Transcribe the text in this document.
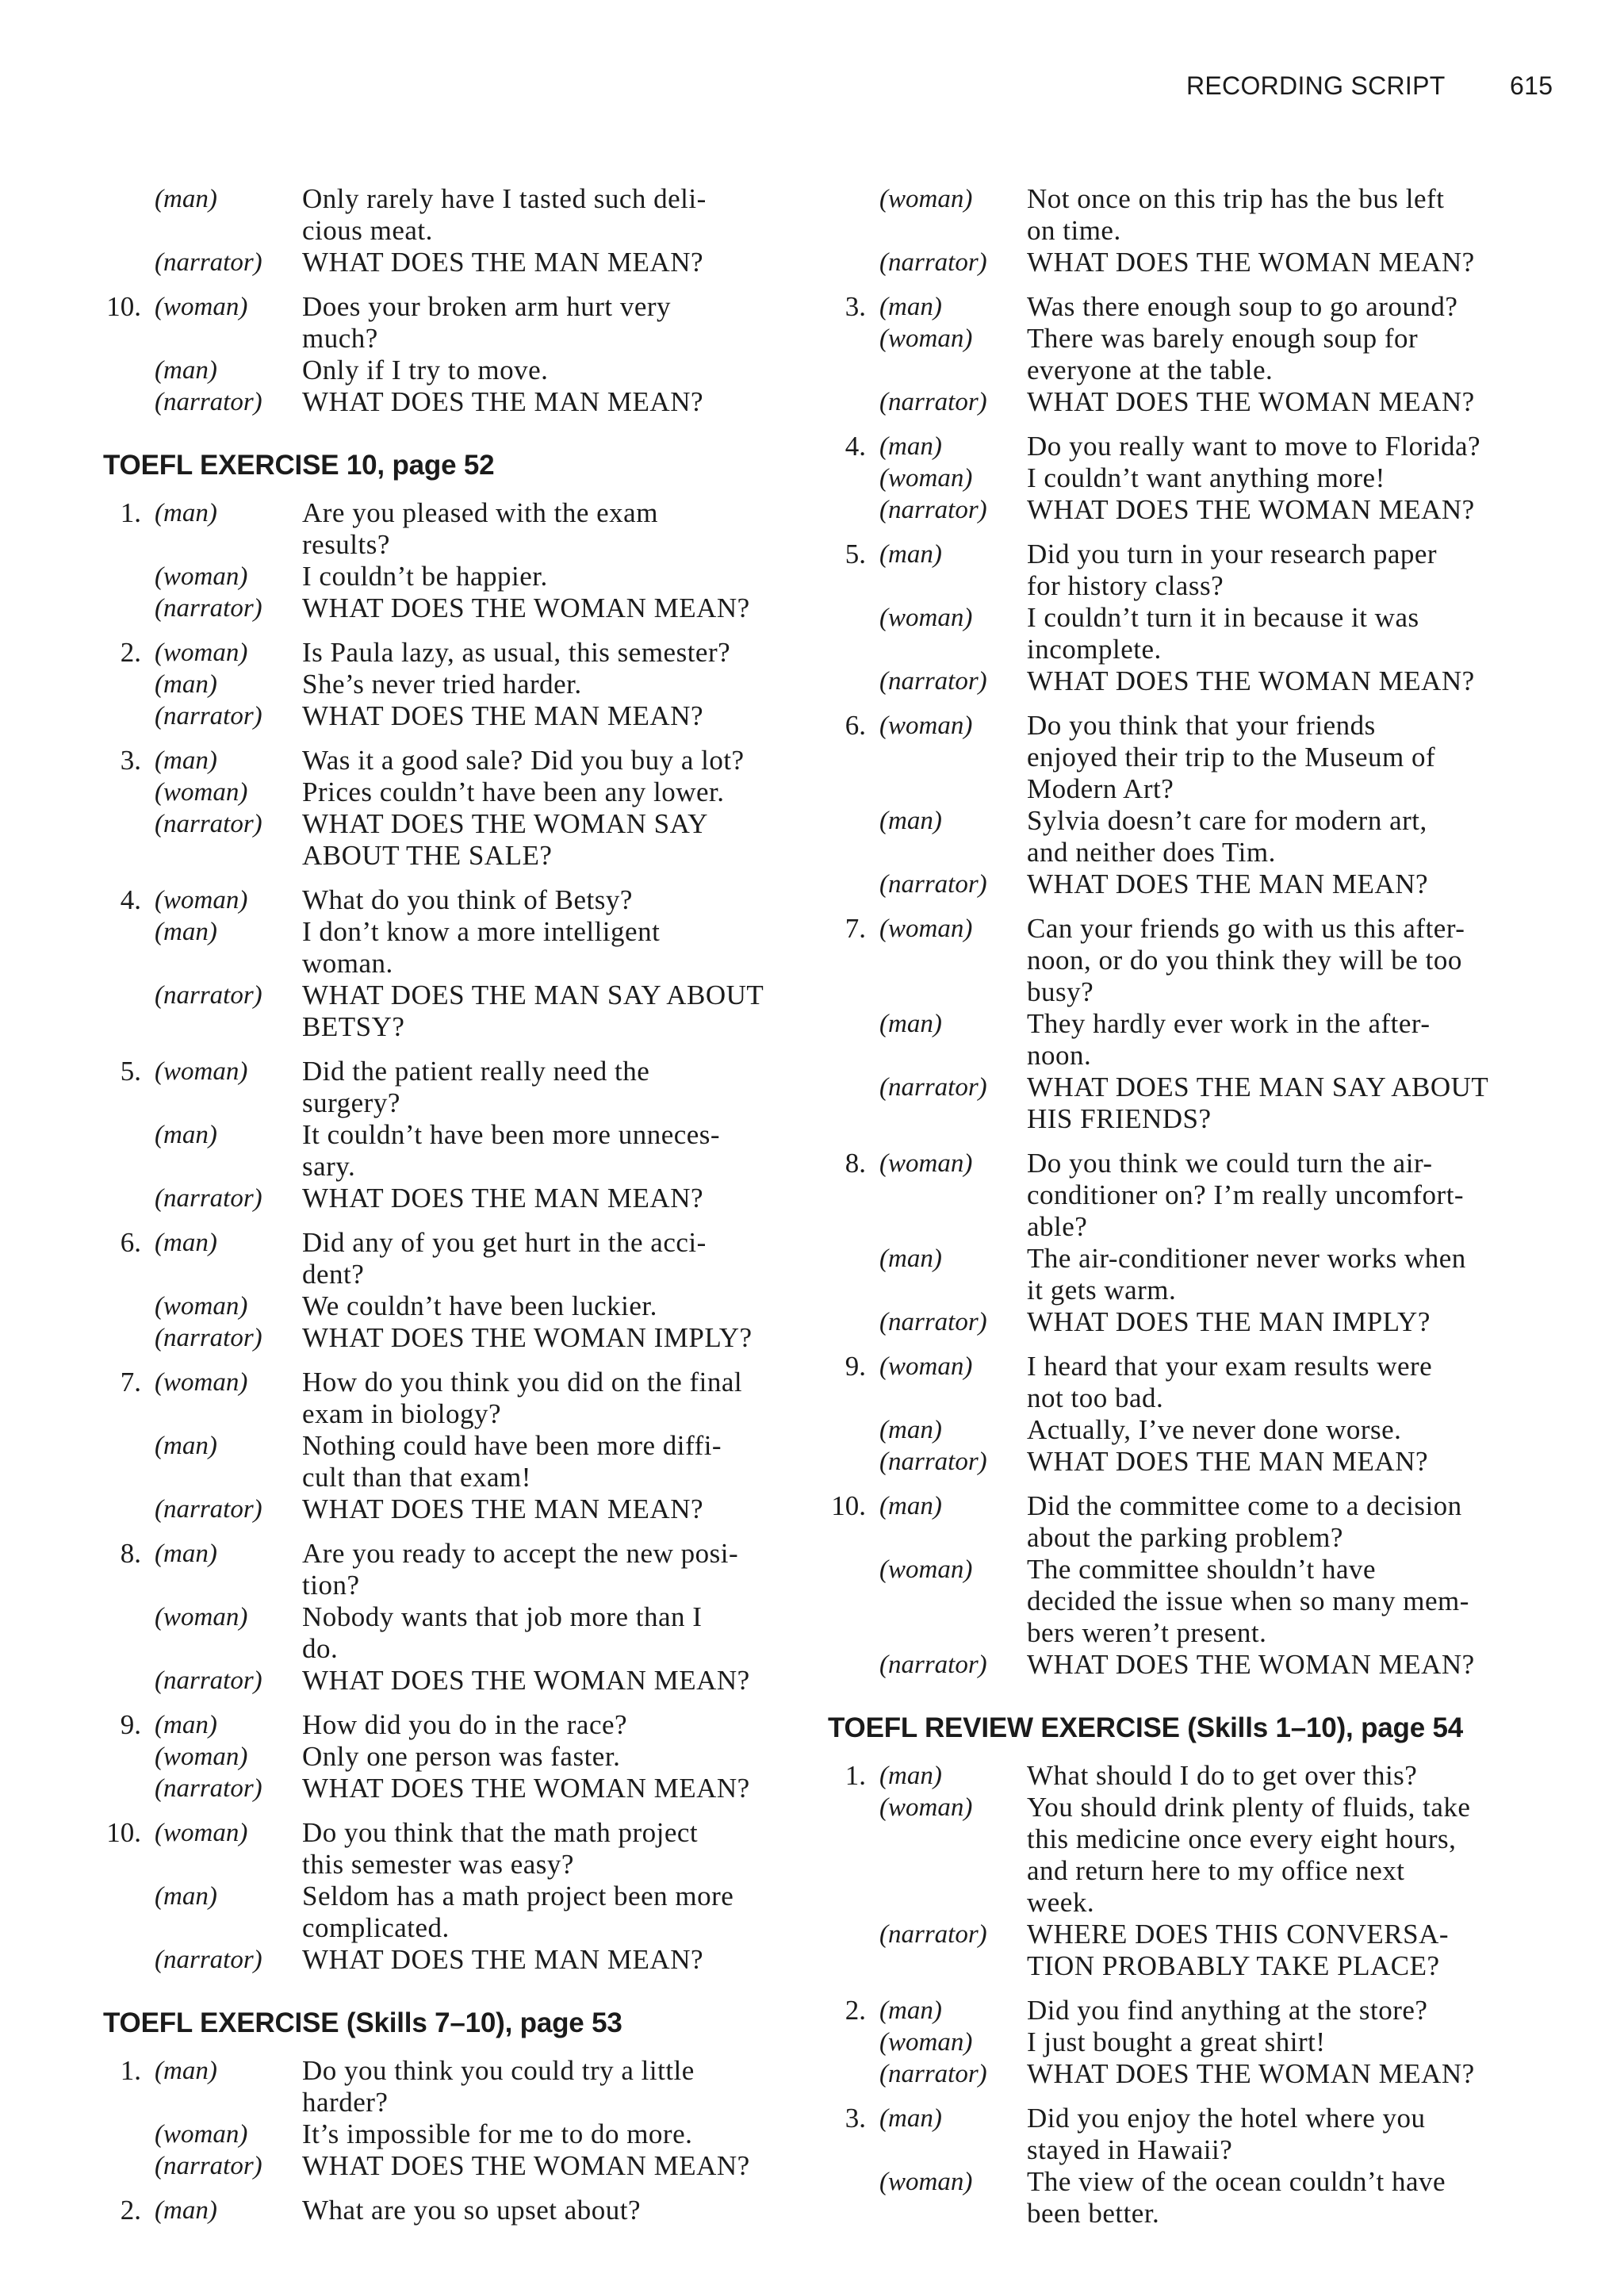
RECORDING SCRIPT	615
(man)	Only rarely have I tasted such deli-
cious meat.
(narrator)	WHAT DOES THE MAN MEAN?
10. (woman)	Does your broken arm hurt very
much?
(man)	Only if I try to move.
(narrator)	WHAT DOES THE MAN MEAN?
TOEFL EXERCISE 10, page 52
1. (man)	Are you pleased with the exam
results?
(woman)	I couldn’t be happier.
(narrator)	WHAT DOES THE WOMAN MEAN?
2. (woman)	Is Paula lazy, as usual, this semester?
(man)	She’s never tried harder.
(narrator)	WHAT DOES THE MAN MEAN?
3. (man)	Was it a good sale? Did you buy a lot?
(woman)	Prices couldn’t have been any lower.
(narrator)	WHAT DOES THE WOMAN SAY
ABOUT THE SALE?
4. (woman)	What do you think of Betsy?
(man)	I don’t know a more intelligent
woman.
(narrator)	WHAT DOES THE MAN SAY ABOUT
BETSY?
5. (woman)	Did the patient really need the
surgery?
(man)	It couldn’t have been more unneces-
sary.
(narrator)	WHAT DOES THE MAN MEAN?
6. (man)	Did any of you get hurt in the acci-
dent?
(woman)	We couldn’t have been luckier.
(narrator)	WHAT DOES THE WOMAN IMPLY?
7. (woman)	How do you think you did on the final
exam in biology?
(man)	Nothing could have been more diffi-
cult than that exam!
(narrator)	WHAT DOES THE MAN MEAN?
8. (man)	Are you ready to accept the new posi-
tion?
(woman)	Nobody wants that job more than I
do.
(narrator)	WHAT DOES THE WOMAN MEAN?
9. (man)	How did you do in the race?
(woman)	Only one person was faster.
(narrator)	WHAT DOES THE WOMAN MEAN?
10. (woman)	Do you think that the math project
this semester was easy?
(man)	Seldom has a math project been more
complicated.
(narrator)	WHAT DOES THE MAN MEAN?
TOEFL EXERCISE (Skills 7–10), page 53
1. (man)	Do you think you could try a little
harder?
(woman)	It’s impossible for me to do more.
(narrator)	WHAT DOES THE WOMAN MEAN?
2. (man)	What are you so upset about?
(woman)	Not once on this trip has the bus left
on time.
(narrator)	WHAT DOES THE WOMAN MEAN?
3. (man)	Was there enough soup to go around?
(woman)	There was barely enough soup for
everyone at the table.
(narrator)	WHAT DOES THE WOMAN MEAN?
4. (man)	Do you really want to move to Florida?
(woman)	I couldn’t want anything more!
(narrator)	WHAT DOES THE WOMAN MEAN?
5. (man)	Did you turn in your research paper
for history class?
(woman)	I couldn’t turn it in because it was
incomplete.
(narrator)	WHAT DOES THE WOMAN MEAN?
6. (woman)	Do you think that your friends
enjoyed their trip to the Museum of
Modern Art?
(man)	Sylvia doesn’t care for modern art,
and neither does Tim.
(narrator)	WHAT DOES THE MAN MEAN?
7. (woman)	Can your friends go with us this after-
noon, or do you think they will be too
busy?
(man)	They hardly ever work in the after-
noon.
(narrator)	WHAT DOES THE MAN SAY ABOUT
HIS FRIENDS?
8. (woman)	Do you think we could turn the air-
conditioner on? I’m really uncomfort-
able?
(man)	The air-conditioner never works when
it gets warm.
(narrator)	WHAT DOES THE MAN IMPLY?
9. (woman)	I heard that your exam results were
not too bad.
(man)	Actually, I’ve never done worse.
(narrator)	WHAT DOES THE MAN MEAN?
10. (man)	Did the committee come to a decision
about the parking problem?
(woman)	The committee shouldn’t have
decided the issue when so many mem-
bers weren’t present.
(narrator)	WHAT DOES THE WOMAN MEAN?
TOEFL REVIEW EXERCISE (Skills 1–10), page 54
1. (man)	What should I do to get over this?
(woman)	You should drink plenty of fluids, take
this medicine once every eight hours,
and return here to my office next
week.
(narrator)	WHERE DOES THIS CONVERSA-
TION PROBABLY TAKE PLACE?
2. (man)	Did you find anything at the store?
(woman)	I just bought a great shirt!
(narrator)	WHAT DOES THE WOMAN MEAN?
3. (man)	Did you enjoy the hotel where you
stayed in Hawaii?
(woman)	The view of the ocean couldn’t have
been better.
